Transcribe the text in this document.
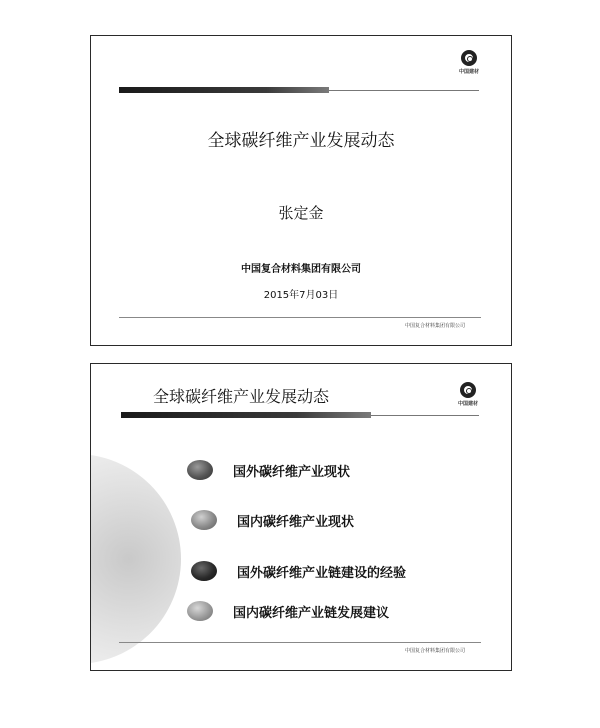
中国建材
全球碳纤维产业发展动态
张定金
中国复合材料集团有限公司
2015年7月03日
中国复合材料集团有限公司
全球碳纤维产业发展动态	中国建材
国外碳纤维产业现状
国内碳纤维产业现状
国外碳纤维产业链建设的经验
国内碳纤维产业链发展建议
中国复合材料集团有限公司
